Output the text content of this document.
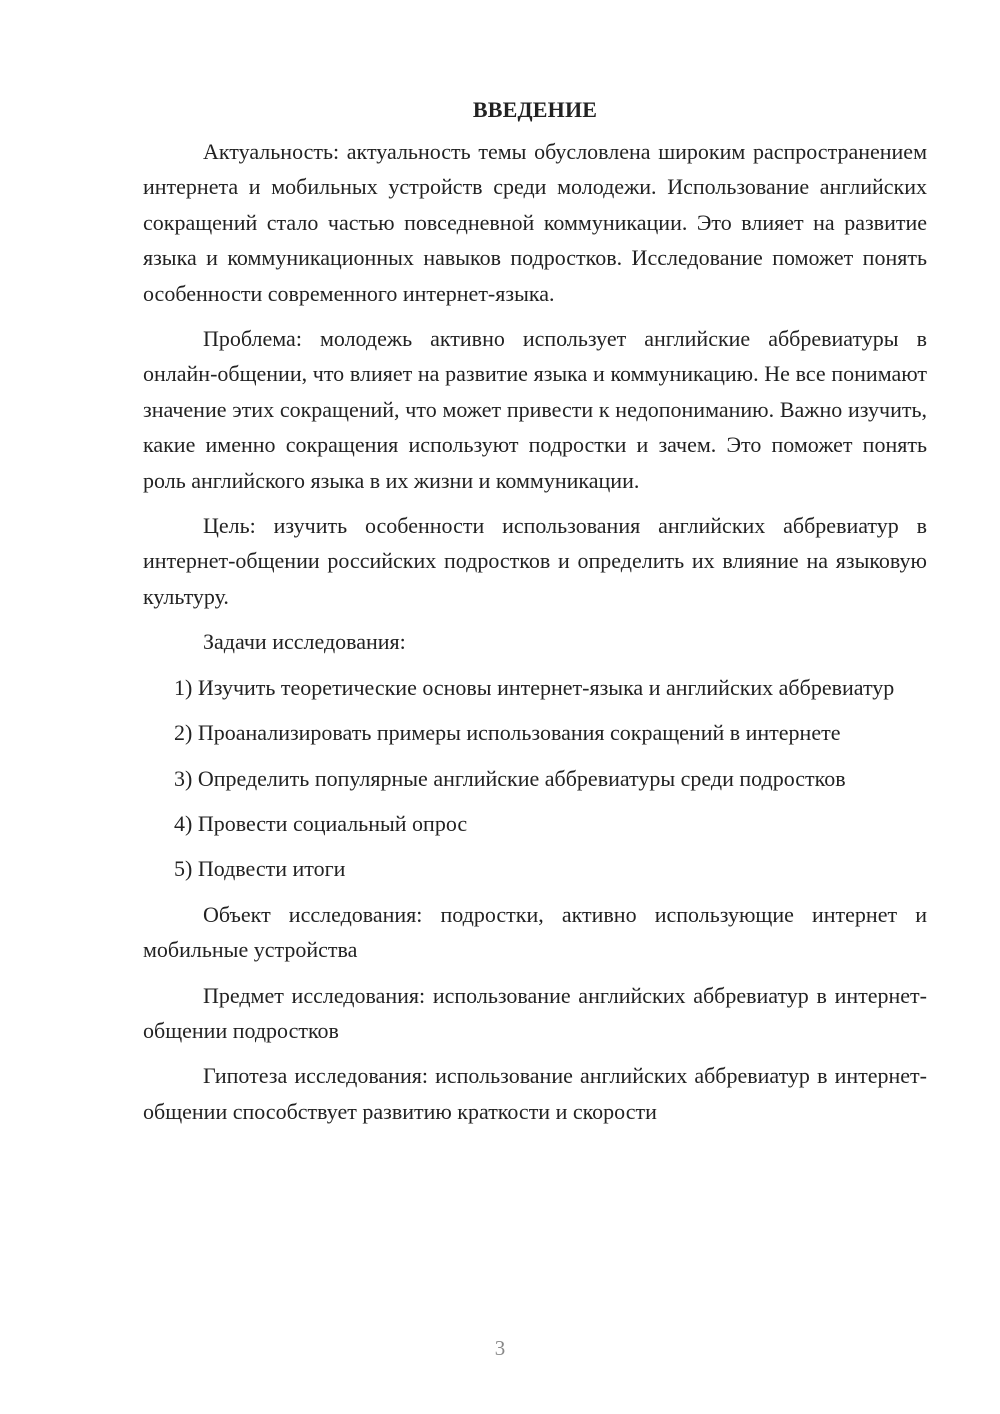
ВВЕДЕНИЕ

Актуальность: актуальность темы обусловлена широким распространением интернета и мобильных устройств среди молодежи. Использование английских сокращений стало частью повседневной коммуникации. Это влияет на развитие языка и коммуникационных навыков подростков. Исследование поможет понять особенности современного интернет-языка.

Проблема: молодежь активно использует английские аббревиатуры в онлайн-общении, что влияет на развитие языка и коммуникацию. Не все понимают значение этих сокращений, что может привести к недопониманию. Важно изучить, какие именно сокращения используют подростки и зачем. Это поможет понять роль английского языка в их жизни и коммуникации.

Цель: изучить особенности использования английских аббревиатур в интернет-общении российских подростков и определить их влияние на языковую культуру.

Задачи исследования:

1) Изучить теоретические основы интернет-языка и английских аббревиатур

2) Проанализировать примеры использования сокращений в интернете

3) Определить популярные английские аббревиатуры среди подростков

4) Провести социальный опрос

5) Подвести итоги

Объект исследования: подростки, активно использующие интернет и мобильные устройства

Предмет исследования: использование английских аббревиатур в интернет-общении подростков

Гипотеза исследования: использование английских аббревиатур в интернет-общении способствует развитию краткости и скорости

3
